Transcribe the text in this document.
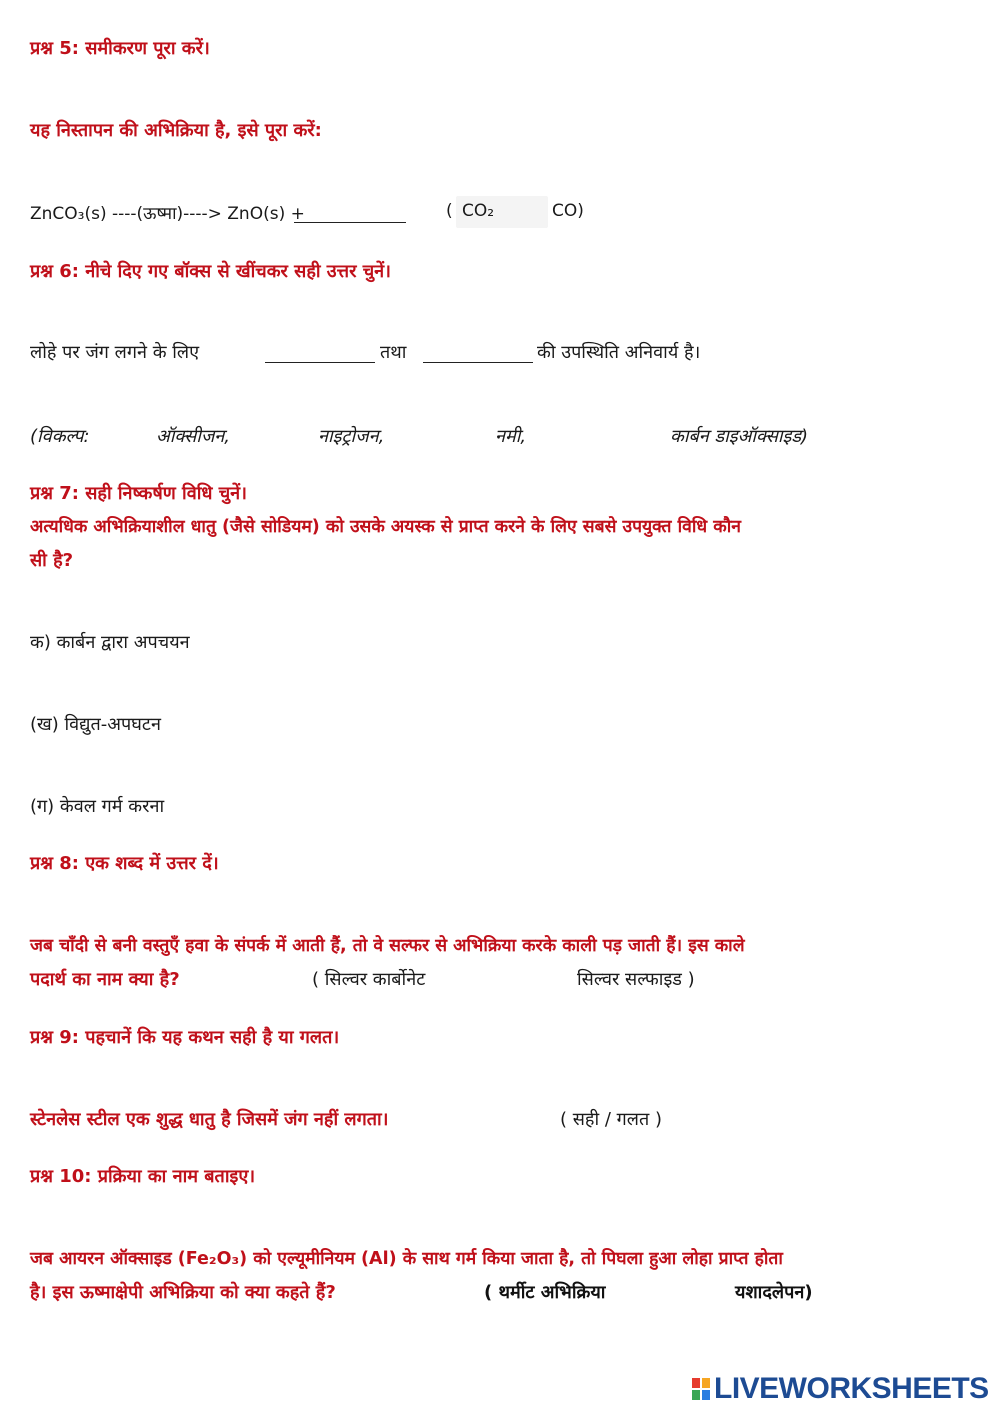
प्रश्न 5: समीकरण पूरा करें।
यह निस्तापन की अभिक्रिया है, इसे पूरा करें:
ZnCO₃(s) ----(ऊष्मा)----> ZnO(s) +	( CO₂	CO)
प्रश्न 6: नीचे दिए गए बॉक्स से खींचकर सही उत्तर चुनें।
लोहे पर जंग लगने के लिए	तथा	की उपस्थिति अनिवार्य है।
(विकल्प:	ऑक्सीजन,	नाइट्रोजन,	नमी,	कार्बन डाइऑक्साइड)
प्रश्न 7: सही निष्कर्षण विधि चुनें।
अत्यधिक अभिक्रियाशील धातु (जैसे सोडियम) को उसके अयस्क से प्राप्त करने के लिए सबसे उपयुक्त विधि कौन
सी है?
क) कार्बन द्वारा अपचयन
(ख) विद्युत-अपघटन
(ग) केवल गर्म करना
प्रश्न 8: एक शब्द में उत्तर दें।
जब चाँदी से बनी वस्तुएँ हवा के संपर्क में आती हैं, तो वे सल्फर से अभिक्रिया करके काली पड़ जाती हैं। इस काले
पदार्थ का नाम क्या है?	( सिल्वर कार्बोनेट	सिल्वर सल्फाइड )
प्रश्न 9: पहचानें कि यह कथन सही है या गलत।
स्टेनलेस स्टील एक शुद्ध धातु है जिसमें जंग नहीं लगता।	( सही / गलत )
प्रश्न 10: प्रक्रिया का नाम बताइए।
जब आयरन ऑक्साइड (Fe₂O₃) को एल्यूमीनियम (Al) के साथ गर्म किया जाता है, तो पिघला हुआ लोहा प्राप्त होता
है। इस ऊष्माक्षेपी अभिक्रिया को क्या कहते हैं?	( थर्मीट अभिक्रिया	यशादलेपन)
LIVEWORKSHEETS
